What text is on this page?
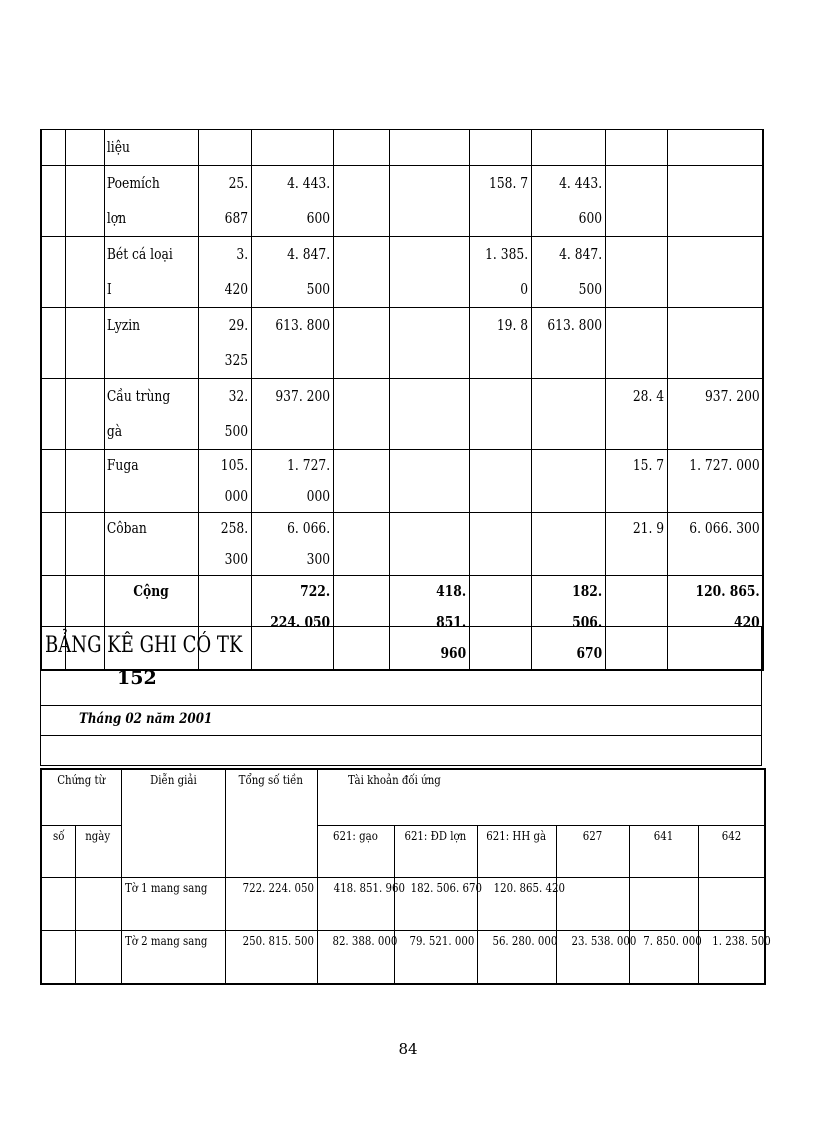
		liệu								
		Poemích lợn	25. 687	4. 443. 600			158. 7	4. 443. 600		
		Bét cá loại I	3. 420	4. 847. 500			1. 385. 0	4. 847. 500		
		Lyzin	29. 325	613. 800			19. 8	613. 800		
		Cầu trùng gà	32. 500	937. 200					28. 4	937. 200
		Fuga	105. 000	1. 727. 000					15. 7	1. 727. 000
		Côban	258. 300	6. 066. 300					21. 9	6. 066. 300
		Cộng		722. 224. 050		418. 851. 960		182. 506. 670		120. 865. 420
BẢNG KÊ GHI CÓ TK
152
Tháng 02 năm 2001
Chứng từ		Diễn giải	Tổng số tiền	Tài khoản đối ứng					
số	ngày			621: gạo	621: ĐD lợn	621: HH gà	627	641	642
		Tờ 1 mang sang	722. 224. 050	418. 851. 960	182. 506. 670	120. 865. 420			
		Tờ 2 mang sang	250. 815. 500	82. 388. 000	79. 521. 000	56. 280. 000	23. 538. 000	7. 850. 000	1. 238. 500
84
